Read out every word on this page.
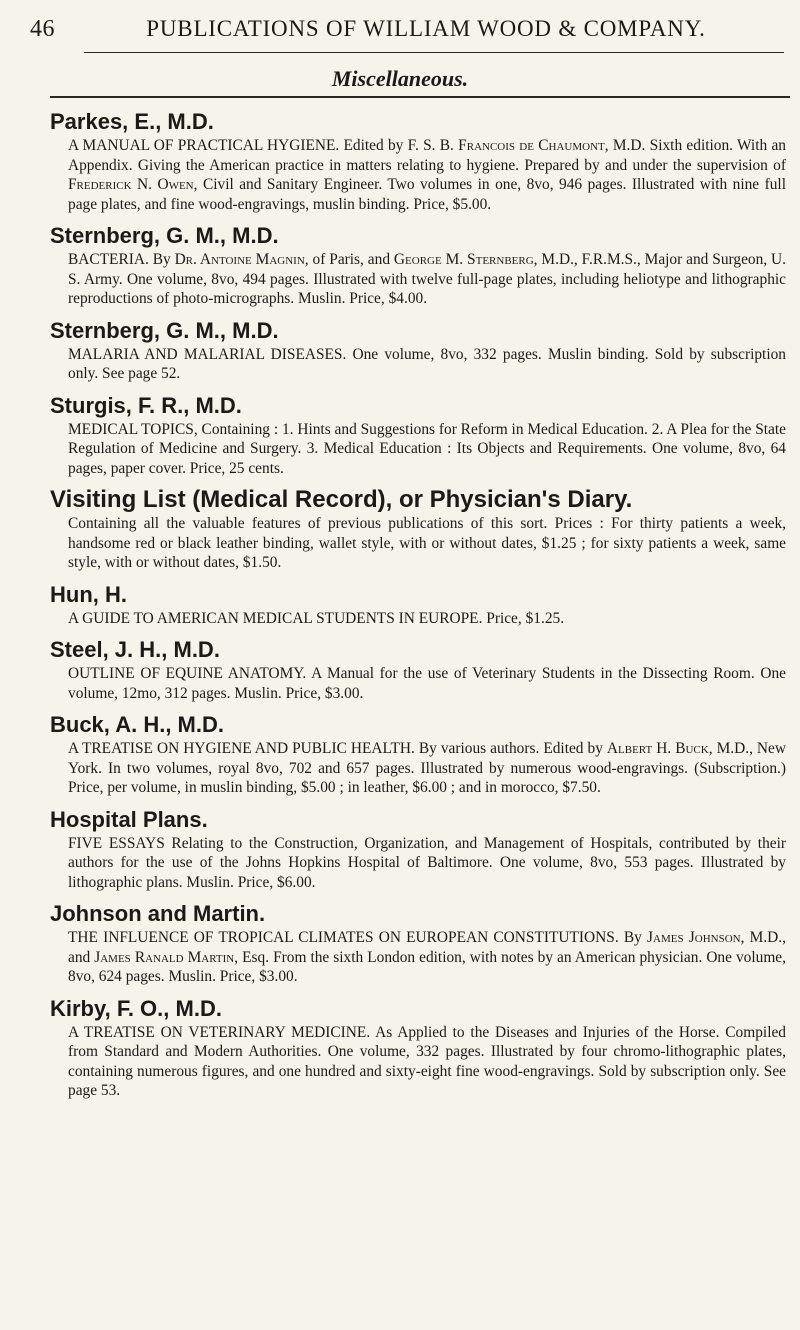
46	PUBLICATIONS OF WILLIAM WOOD & COMPANY.
Miscellaneous.
Parkes, E., M.D.
A MANUAL OF PRACTICAL HYGIENE. Edited by F. S. B. Francois de Chaumont, M.D. Sixth edition. With an Appendix. Giving the American practice in matters relating to hygiene. Prepared by and under the supervision of Frederick N. Owen, Civil and Sanitary Engineer. Two volumes in one, 8vo, 946 pages. Illustrated with nine full page plates, and fine wood-engravings, muslin binding. Price, $5.00.
Sternberg, G. M., M.D.
BACTERIA. By Dr. Antoine Magnin, of Paris, and George M. Sternberg, M.D., F.R.M.S., Major and Surgeon, U. S. Army. One volume, 8vo, 494 pages. Illustrated with twelve full-page plates, including heliotype and lithographic reproductions of photo-micrographs. Muslin. Price, $4.00.
Sternberg, G. M., M.D.
MALARIA AND MALARIAL DISEASES. One volume, 8vo, 332 pages. Muslin binding. Sold by subscription only. See page 52.
Sturgis, F. R., M.D.
MEDICAL TOPICS, Containing : 1. Hints and Suggestions for Reform in Medical Education. 2. A Plea for the State Regulation of Medicine and Surgery. 3. Medical Education : Its Objects and Requirements. One volume, 8vo, 64 pages, paper cover. Price, 25 cents.
Visiting List (Medical Record), or Physician's Diary.
Containing all the valuable features of previous publications of this sort. Prices : For thirty patients a week, handsome red or black leather binding, wallet style, with or without dates, $1.25 ; for sixty patients a week, same style, with or without dates, $1.50.
Hun, H.
A GUIDE TO AMERICAN MEDICAL STUDENTS IN EUROPE. Price, $1.25.
Steel, J. H., M.D.
OUTLINE OF EQUINE ANATOMY. A Manual for the use of Veterinary Students in the Dissecting Room. One volume, 12mo, 312 pages. Muslin. Price, $3.00.
Buck, A. H., M.D.
A TREATISE ON HYGIENE AND PUBLIC HEALTH. By various authors. Edited by Albert H. Buck, M.D., New York. In two volumes, royal 8vo, 702 and 657 pages. Illustrated by numerous wood-engravings. (Subscription.) Price, per volume, in muslin binding, $5.00 ; in leather, $6.00 ; and in morocco, $7.50.
Hospital Plans.
FIVE ESSAYS Relating to the Construction, Organization, and Management of Hospitals, contributed by their authors for the use of the Johns Hopkins Hospital of Baltimore. One volume, 8vo, 553 pages. Illustrated by lithographic plans. Muslin. Price, $6.00.
Johnson and Martin.
THE INFLUENCE OF TROPICAL CLIMATES ON EUROPEAN CONSTITUTIONS. By James Johnson, M.D., and James Ranald Martin, Esq. From the sixth London edition, with notes by an American physician. One volume, 8vo, 624 pages. Muslin. Price, $3.00.
Kirby, F. O., M.D.
A TREATISE ON VETERINARY MEDICINE. As Applied to the Diseases and Injuries of the Horse. Compiled from Standard and Modern Authorities. One volume, 332 pages. Illustrated by four chromo-lithographic plates, containing numerous figures, and one hundred and sixty-eight fine wood-engravings. Sold by subscription only. See page 53.
